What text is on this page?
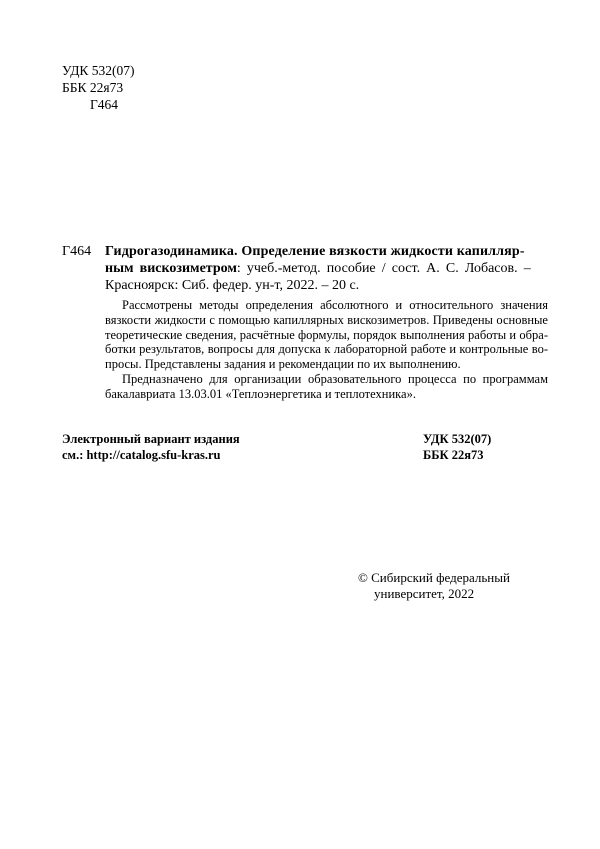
УДК 532(07)
ББК 22я73
Г464
Г464 Гидрогазодинамика. Определение вязкости жидкости капилляр-
ным вискозиметром: учеб.-метод. пособие / сост. А. С. Лобасов. –
Красноярск: Сиб. федер. ун-т, 2022. – 20 с.
Рассмотрены методы определения абсолютного и относительного значения
вязкости жидкости с помощью капиллярных вискозиметров. Приведены основные
теоретические сведения, расчётные формулы, порядок выполнения работы и обра-
ботки результатов, вопросы для допуска к лабораторной работе и контрольные во-
просы. Представлены задания и рекомендации по их выполнению.
Предназначено для организации образовательного процесса по программам
бакалавриата 13.03.01 «Теплоэнергетика и теплотехника».
Электронный вариант издания
см.: http://catalog.sfu-kras.ru
УДК 532(07)
ББК 22я73
© Сибирский федеральный
университет, 2022
